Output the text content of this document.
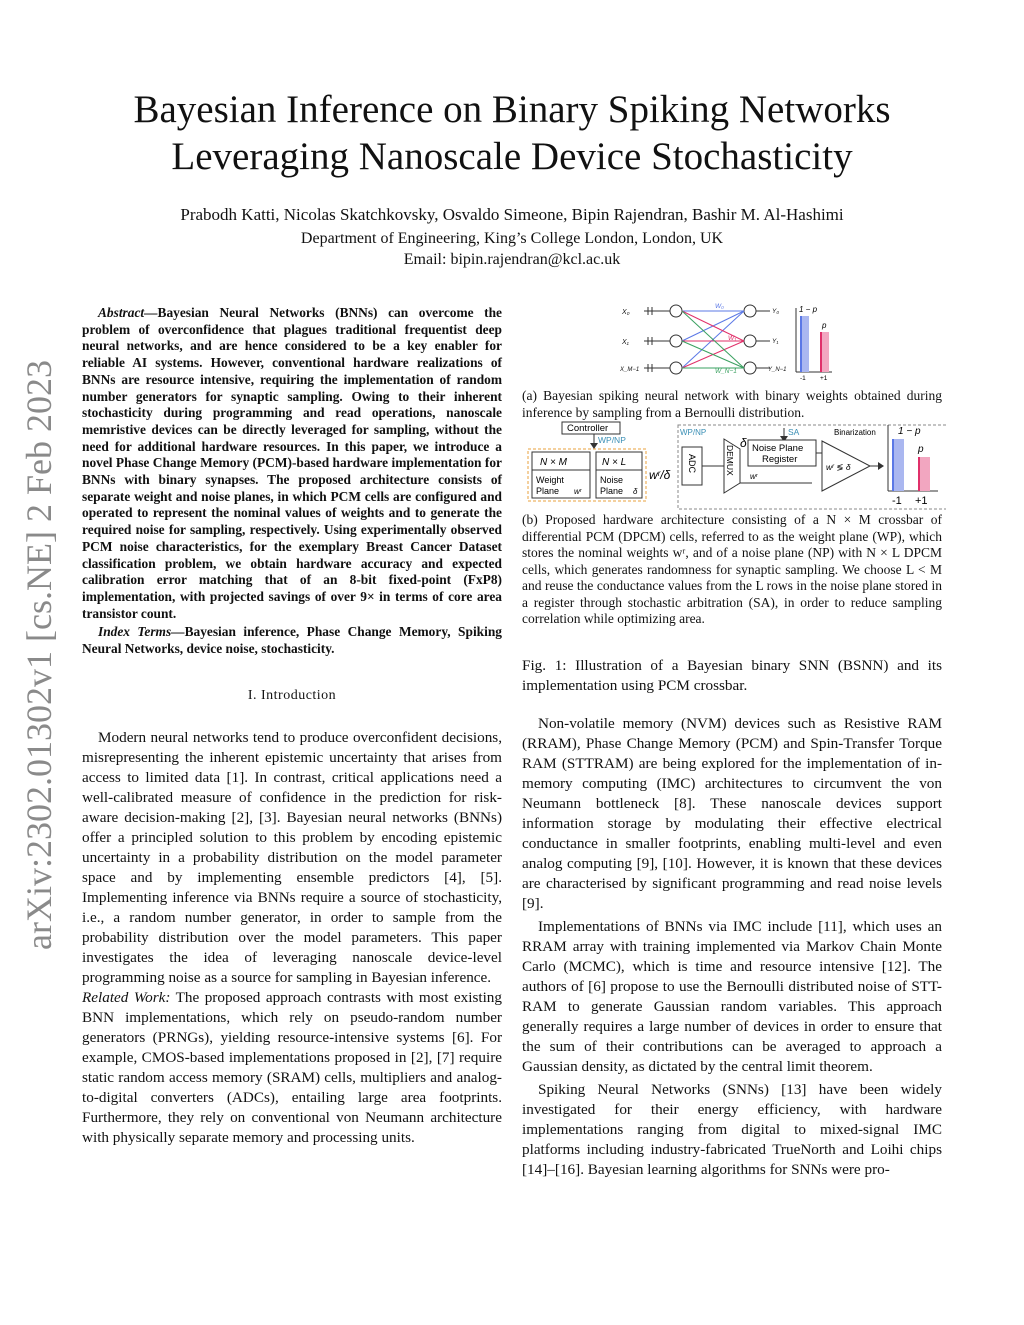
arXiv:2302.01302v1 [cs.NE] 2 Feb 2023
Bayesian Inference on Binary Spiking Networks
Leveraging Nanoscale Device Stochasticity
Prabodh Katti, Nicolas Skatchkovsky, Osvaldo Simeone, Bipin Rajendran, Bashir M. Al-Hashimi
Department of Engineering, King’s College London, London, UK
Email: bipin.rajendran@kcl.ac.uk
Abstract—Bayesian Neural Networks (BNNs) can overcome the problem of overconfidence that plagues traditional frequentist deep neural networks, and are hence considered to be a key enabler for reliable AI systems. However, conventional hardware realizations of BNNs are resource intensive, requiring the implementation of random number generators for synaptic sampling. Owing to their inherent stochasticity during programming and read operations, nanoscale memristive devices can be directly leveraged for sampling, without the need for additional hardware resources. In this paper, we introduce a novel Phase Change Memory (PCM)-based hardware implementation for BNNs with binary synapses. The proposed architecture consists of separate weight and noise planes, in which PCM cells are configured and operated to represent the nominal values of weights and to generate the required noise for sampling, respectively. Using experimentally observed PCM noise characteristics, for the exemplary Breast Cancer Dataset classification problem, we obtain hardware accuracy and expected calibration error matching that of an 8-bit fixed-point (FxP8) implementation, with projected savings of over 9× in terms of core area transistor count.
Index Terms—Bayesian inference, Phase Change Memory, Spiking Neural Networks, device noise, stochasticity.
I. Introduction

Modern neural networks tend to produce overconfident decisions, misrepresenting the inherent epistemic uncertainty that arises from access to limited data [1]. In contrast, critical applications need a well-calibrated measure of confidence in the prediction for risk-aware decision-making [2], [3]. Bayesian neural networks (BNNs) offer a principled solution to this problem by encoding epistemic uncertainty in a probability distribution on the model parameter space and by implementing ensemble predictors [4], [5]. Implementing inference via BNNs require a source of stochasticity, i.e., a random number generator, in order to sample from the probability distribution over the model parameters. This paper investigates the idea of leveraging nanoscale device-level programming noise as a source for sampling in Bayesian inference.

Related Work: The proposed approach contrasts with most existing BNN implementations, which rely on pseudo-random number generators (PRNGs), yielding resource-intensive systems [6]. For example, CMOS-based implementations proposed in [2], [7] require static random access memory (SRAM) cells, multipliers and analog-to-digital converters (ADCs), entailing large area footprints. Furthermore, they rely on conventional von Neumann architecture with physically separate memory and processing units.

X₀
X₁
X_M−1
W₀
W₁
W_N−1
Y₀
Y₁
Y_N−1
1 − p
p
-1 +1
(a) Bayesian spiking neural network with binary weights obtained during inference by sampling from a Bernoulli distribution.
Controller
WP/NP
N × M
Weight
Plane wʳ
N × L
Noise
Plane δ
wʳ/δ
ADC
WP/NP
DEMUX
δ
wʳ
SA
Noise Plane
Register
Binarization
wʳ ≶ δ
1 − p
p
-1 +1
(b) Proposed hardware architecture consisting of a N × M crossbar of differential PCM (DPCM) cells, referred to as the weight plane (WP), which stores the nominal weights wʳ, and of a noise plane (NP) with N × L DPCM cells, which generates randomness for synaptic sampling. We choose L < M and reuse the conductance values from the L rows in the noise plane stored in a register through stochastic arbitration (SA), in order to reduce sampling correlation while optimizing area.
Fig. 1: Illustration of a Bayesian binary SNN (BSNN) and its implementation using PCM crossbar.

Non-volatile memory (NVM) devices such as Resistive RAM (RRAM), Phase Change Memory (PCM) and Spin-Transfer Torque RAM (STTRAM) are being explored for the implementation of in-memory computing (IMC) architectures to circumvent the von Neumann bottleneck [8]. These nanoscale devices support information storage by modulating their effective electrical conductance in smaller footprints, enabling multi-level and even analog computing [9], [10]. However, it is known that these devices are characterised by significant programming and read noise levels [9].

Implementations of BNNs via IMC include [11], which uses an RRAM array with training implemented via Markov Chain Monte Carlo (MCMC), which is time and resource intensive [12]. The authors of [6] propose to use the Bernoulli distributed noise of STT-RAM to generate Gaussian random variables. This approach generally requires a large number of devices in order to ensure that the sum of their contributions can be averaged to approach a Gaussian density, as dictated by the central limit theorem.

Spiking Neural Networks (SNNs) [13] have been widely investigated for their energy efficiency, with hardware implementations ranging from digital to mixed-signal IMC platforms including industry-fabricated TrueNorth and Loihi chips [14]–[16]. Bayesian learning algorithms for SNNs were pro-
